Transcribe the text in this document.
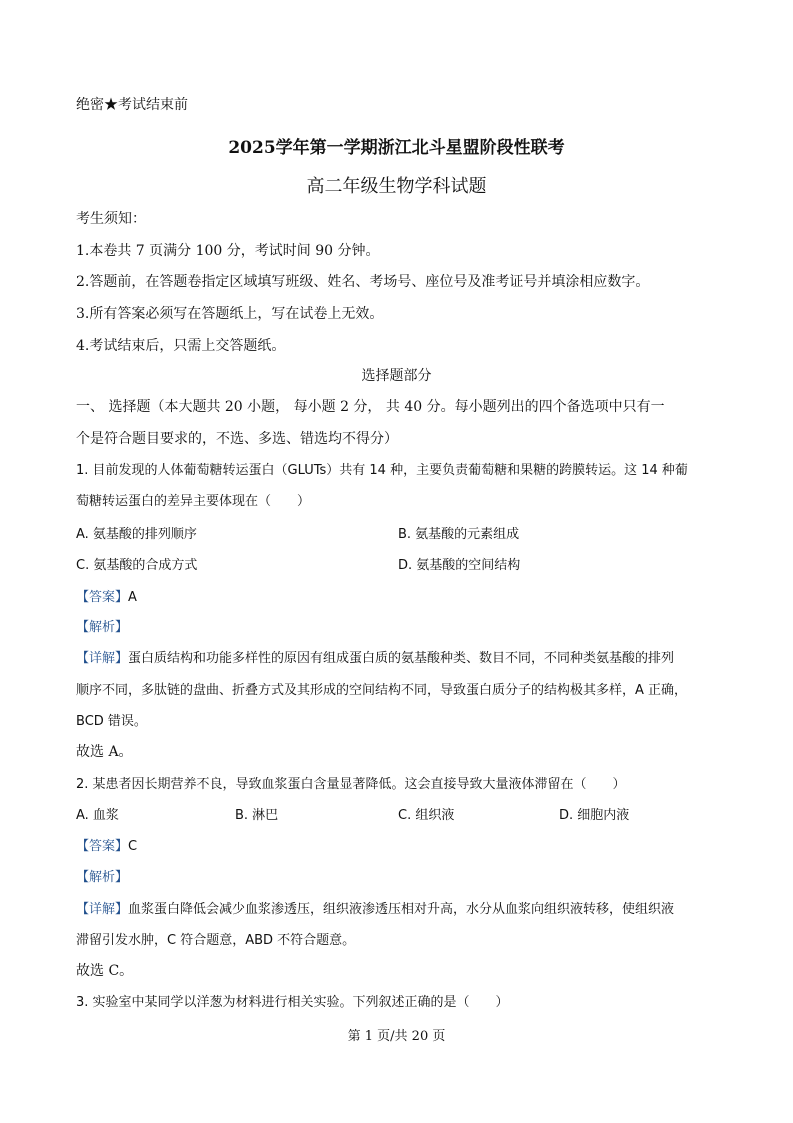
绝密★考试结束前
2025学年第一学期浙江北斗星盟阶段性联考
高二年级生物学科试题
考生须知：
1.本卷共 7 页满分 100 分，考试时间 90 分钟。
2.答题前，在答题卷指定区域填写班级、姓名、考场号、座位号及准考证号并填涂相应数字。
3.所有答案必须写在答题纸上，写在试卷上无效。
4.考试结束后，只需上交答题纸。
选择题部分
一、 选择题（本大题共 20 小题， 每小题 2 分， 共 40 分。每小题列出的四个备选项中只有一
个是符合题目要求的，不选、多选、错选均不得分）
1. 目前发现的人体葡萄糖转运蛋白（GLUTs）共有 14 种，主要负责葡萄糖和果糖的跨膜转运。这 14 种葡
萄糖转运蛋白的差异主要体现在（　　）
A. 氨基酸的排列顺序	B. 氨基酸的元素组成
C. 氨基酸的合成方式	D. 氨基酸的空间结构
【答案】A
【解析】
【详解】蛋白质结构和功能多样性的原因有组成蛋白质的氨基酸种类、数目不同，不同种类氨基酸的排列
顺序不同，多肽链的盘曲、折叠方式及其形成的空间结构不同，导致蛋白质分子的结构极其多样，A 正确，
BCD 错误。
故选 A。
2. 某患者因长期营养不良，导致血浆蛋白含量显著降低。这会直接导致大量液体滞留在（　　）
A. 血浆	B. 淋巴	C. 组织液	D. 细胞内液
【答案】C
【解析】
【详解】血浆蛋白降低会减少血浆渗透压，组织液渗透压相对升高，水分从血浆向组织液转移，使组织液
滞留引发水肿，C 符合题意，ABD 不符合题意。
故选 C。
3. 实验室中某同学以洋葱为材料进行相关实验。下列叙述正确的是（　　）
第 1 页/共 20 页
